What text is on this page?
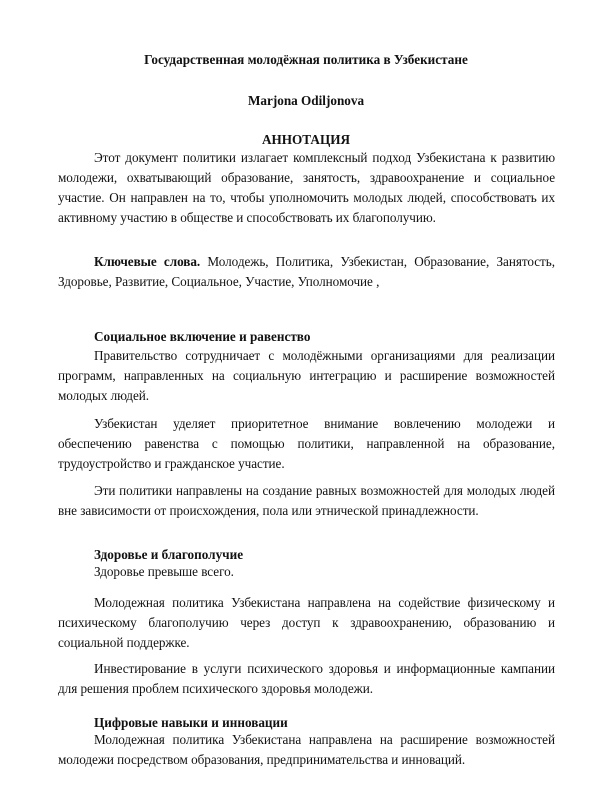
Государственная молодёжная политика в Узбекистане

Marjona Odiljonova

АННОТАЦИЯ

Этот документ политики излагает комплексный подход Узбекистана к развитию молодежи, охватывающий образование, занятость, здравоохранение и социальное участие. Он направлен на то, чтобы уполномочить молодых людей, способствовать их активному участию в обществе и способствовать их благополучию.

Ключевые слова. Молодежь, Политика, Узбекистан, Образование, Занятость, Здоровье, Развитие, Социальное, Участие, Уполномочие ,

Социальное включение и равенство

Правительство сотрудничает с молодёжными организациями для реализации программ, направленных на социальную интеграцию и расширение возможностей молодых людей.

Узбекистан уделяет приоритетное внимание вовлечению молодежи и обеспечению равенства с помощью политики, направленной на образование, трудоустройство и гражданское участие.

Эти политики направлены на создание равных возможностей для молодых людей вне зависимости от происхождения, пола или этнической принадлежности.

Здоровье и благополучие

Здоровье превыше всего.

Молодежная политика Узбекистана направлена на содействие физическому и психическому благополучию через доступ к здравоохранению, образованию и социальной поддержке.

Инвестирование в услуги психического здоровья и информационные кампании для решения проблем психического здоровья молодежи.

Цифровые навыки и инновации

Молодежная политика Узбекистана направлена на расширение возможностей молодежи посредством образования, предпринимательства и инноваций.
